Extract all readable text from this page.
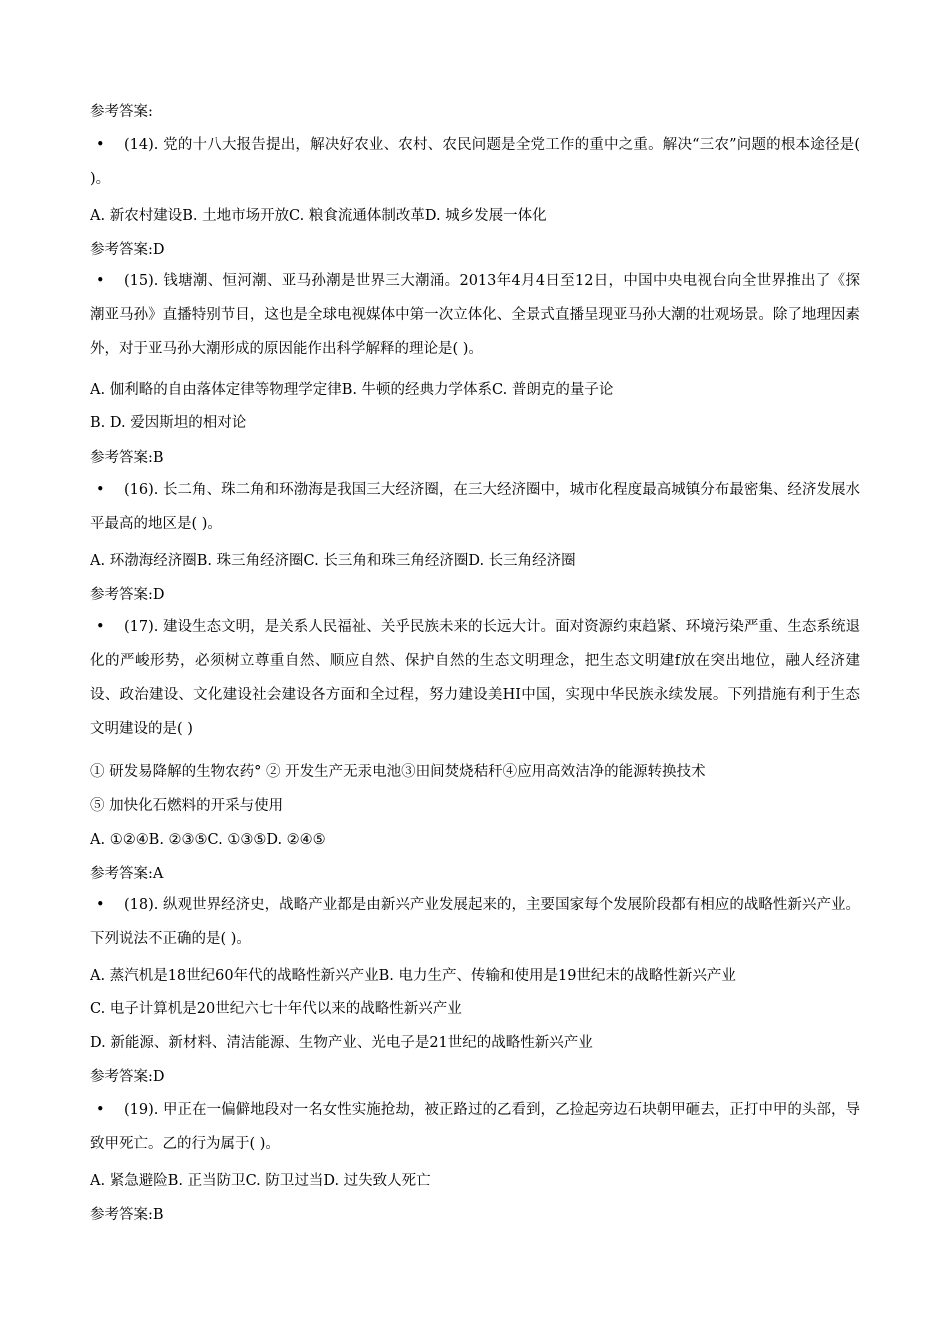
参考答案:
• (14). 党的十八大报告提出，解决好农业、农村、农民问题是全党工作的重中之重。解决“三农”问题的根本途径是( )。
A. 新农村建设B. 土地市场开放C. 粮食流通体制改革D. 城乡发展一体化
参考答案:D
• (15). 钱塘潮、恒河潮、亚马孙潮是世界三大潮涌。2013年4月4日至12日，中国中央电视台向全世界推出了《探潮亚马孙》直播特别节目，这也是全球电视媒体中第一次立体化、全景式直播呈现亚马孙大潮的壮观场景。除了地理因素外，对于亚马孙大潮形成的原因能作出科学解释的理论是( )。
A. 伽利略的自由落体定律等物理学定律B. 牛顿的经典力学体系C. 普朗克的量子论
B. D. 爱因斯坦的相对论
参考答案:B
• (16). 长二角、珠二角和环渤海是我国三大经济圈，在三大经济圈中，城市化程度最高城镇分布最密集、经济发展水平最高的地区是( )。
A. 环渤海经济圈B. 珠三角经济圈C. 长三角和珠三角经济圈D. 长三角经济圈
参考答案:D
• (17). 建设生态文明，是关系人民福祉、关乎民族未来的长远大计。面对资源约束趋紧、环境污染严重、生态系统退化的严峻形势，必须树立尊重自然、顺应自然、保护自然的生态文明理念，把生态文明建f放在突出地位，融人经济建设、政治建设、文化建设社会建设各方面和全过程，努力建设美HI中国，实现中华民族永续发展。下列措施有利于生态文明建设的是( )
① 研发易降解的生物农药° ② 开发生产无汞电池③田间焚烧秸秆④应用高效洁净的能源转换技术
⑤ 加快化石燃料的开采与使用
A. ①②④B. ②③⑤C. ①③⑤D. ②④⑤
参考答案:A
• (18). 纵观世界经济史，战略产业都是由新兴产业发展起来的，主要国家每个发展阶段都有相应的战略性新兴产业。下列说法不正确的是( )。
A. 蒸汽机是18世纪60年代的战略性新兴产业B. 电力生产、传输和使用是19世纪末的战略性新兴产业
C. 电子计算机是20世纪六七十年代以来的战略性新兴产业
D. 新能源、新材料、清洁能源、生物产业、光电子是21世纪的战略性新兴产业
参考答案:D
• (19). 甲正在一偏僻地段对一名女性实施抢劫，被正路过的乙看到，乙捡起旁边石块朝甲砸去，正打中甲的头部，导致甲死亡。乙的行为属于( )。
A. 紧急避险B. 正当防卫C. 防卫过当D. 过失致人死亡
参考答案:B
